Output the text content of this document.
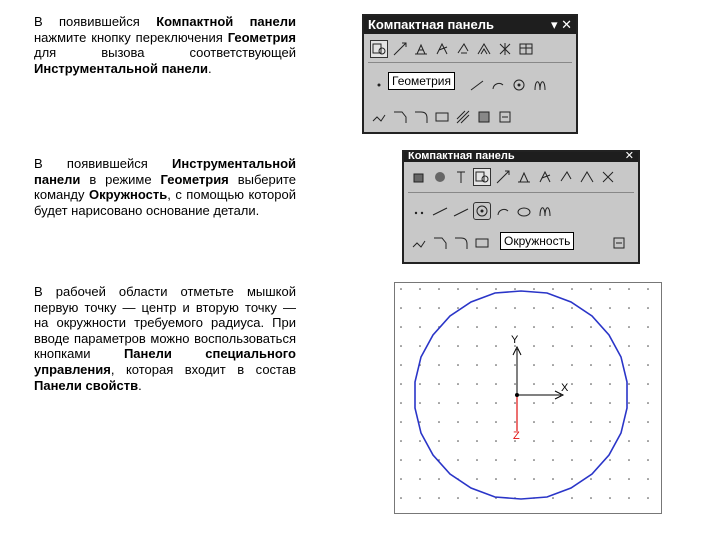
В появившейся Компактной панели нажмите кнопку переключения Геометрия для вызова соответствующей Инструментальной панели.
В появившейся Инструментальной панели в режиме Геометрия выберите команду Окружность, с помощью которой будет нарисовано основание детали.
В рабочей области отметьте мышкой первую точку — центр и вторую точку — на окружности требуемого радиуса. При вводе параметров можно воспользоваться кнопками Панели специального управления, которая входит в состав Панели свойств.
Компактная панель	▾ ✕
Геометрия
Компактная панель	✕
Окружность
Y
X
Z
